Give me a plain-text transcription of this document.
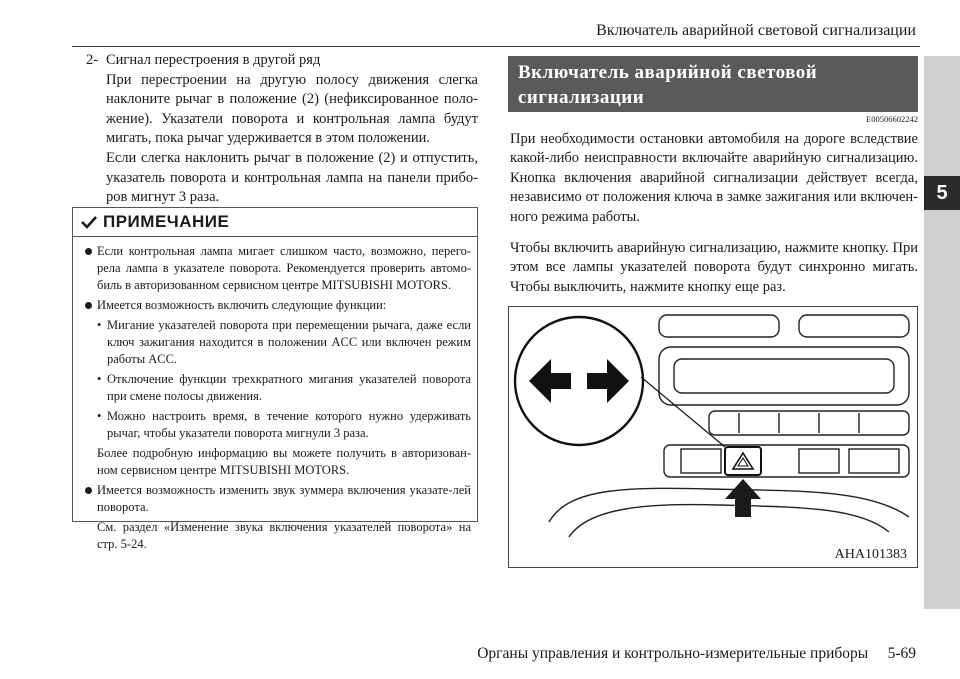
Включатель аварийной световой сигнализации
5
2- Сигнал перестроения в другой ряд

При перестроении на другую полосу движения слегка

наклоните рычаг в положение (2) (нефиксированное поло-

жение). Указатели поворота и контрольная лампа будут

мигать, пока рычаг удерживается в этом положении.

Если слегка наклонить рычаг в положение (2) и отпустить,

указатель поворота и контрольная лампа на панели прибо-

ров мигнут 3 раза.

ПРИМЕЧАНИЕ

Если контрольная лампа мигает слишком часто, возможно, перего-рела лампа в указателе поворота. Рекомендуется проверить автомо-биль в авторизованном сервисном центре MITSUBISHI MOTORS.

Имеется возможность включить следующие функции:

• Мигание указателей поворота при перемещении рычага, даже если ключ зажигания находится в положении ACC или включен режим работы ACC.

• Отключение функции трехкратного мигания указателей поворота при смене полосы движения.

• Можно настроить время, в течение которого нужно удерживать рычаг, чтобы указатели поворота мигнули 3 раза.

Более подробную информацию вы можете получить в авторизован-ном сервисном центре MITSUBISHI MOTORS.

Имеется возможность изменить звук зуммера включения указате-лей поворота.

См. раздел «Изменение звука включения указателей поворота» на стр. 5-24.

Включатель аварийной световой
сигнализации
E00506602242

При необходимости остановки автомобиля на дороге вследствие какой-либо неисправности включайте аварийную сигнализацию. Кнопка включения аварийной сигнализации действует всегда, независимо от положения ключа в замке зажигания или включен-ного режима работы.

Чтобы включить аварийную сигнализацию, нажмите кнопку. При этом все лампы указателей поворота будут синхронно мигать. Чтобы выключить, нажмите кнопку еще раз.

AHA101383
Органы управления и контрольно-измерительные приборы     5-69
